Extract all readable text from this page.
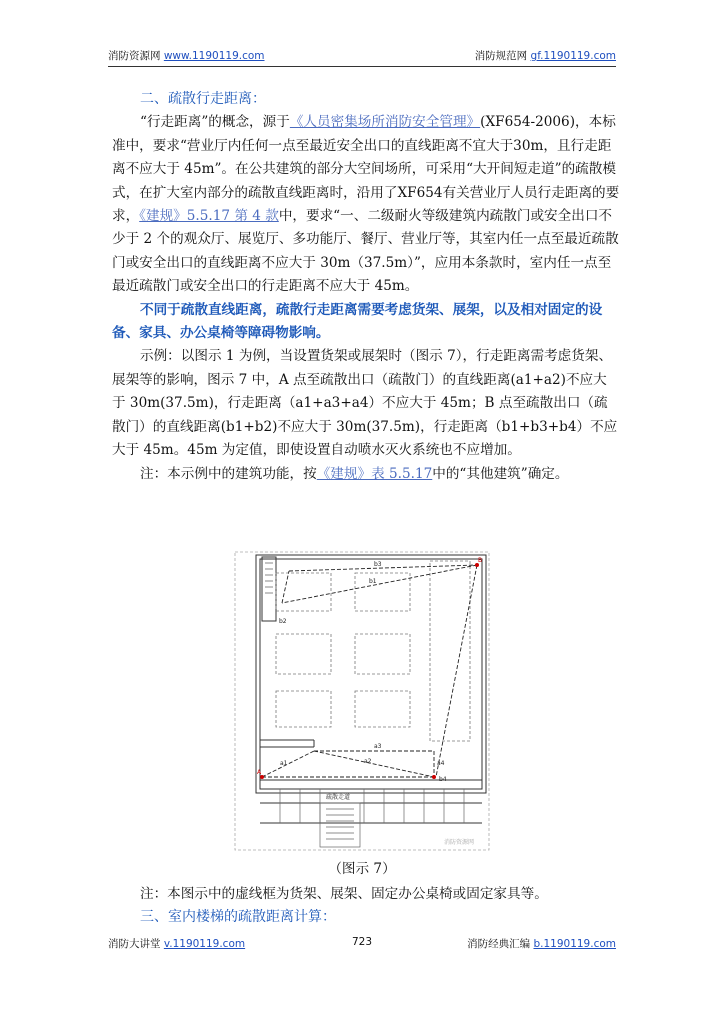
消防资源网 www.1190119.com	消防规范网 gf.1190119.com

二、疏散行走距离：

“行走距离”的概念，源于《人员密集场所消防安全管理》(XF654-2006)，本标准中，要求“营业厅内任何一点至最近安全出口的直线距离不宜大于30m，且行走距离不应大于 45m”。在公共建筑的部分大空间场所，可采用“大开间短走道”的疏散模式，在扩大室内部分的疏散直线距离时，沿用了XF654有关营业厅人员行走距离的要求，《建规》5.5.17 第 4 款中，要求“一、二级耐火等级建筑内疏散门或安全出口不少于 2 个的观众厅、展览厅、多功能厅、餐厅、营业厅等，其室内任一点至最近疏散门或安全出口的直线距离不应大于 30m（37.5m）”，应用本条款时，室内任一点至最近疏散门或安全出口的行走距离不应大于 45m。

不同于疏散直线距离，疏散行走距离需要考虑货架、展架，以及相对固定的设备、家具、办公桌椅等障碍物影响。

示例：以图示 1 为例，当设置货架或展架时（图示 7），行走距离需考虑货架、展架等的影响，图示 7 中，A 点至疏散出口（疏散门）的直线距离(a1+a2)不应大于 30m(37.5m)，行走距离（a1+a3+a4）不应大于 45m；B 点至疏散出口（疏散门）的直线距离(b1+b2)不应大于 30m(37.5m)，行走距离（b1+b3+b4）不应大于 45m。45m 为定值，即使设置自动喷水灭火系统也不应增加。

注：本示例中的建筑功能，按《建规》表 5.5.17中的“其他建筑”确定。

b3
b1
b2
b4
a1	a2
a3
a4
A
B
疏散走道
消防资源网
（图示 7）
注：本图示中的虚线框为货架、展架、固定办公桌椅或固定家具等。
三、室内楼梯的疏散距离计算：
消防大讲堂 v.1190119.com	723	消防经典汇编 b.1190119.com
